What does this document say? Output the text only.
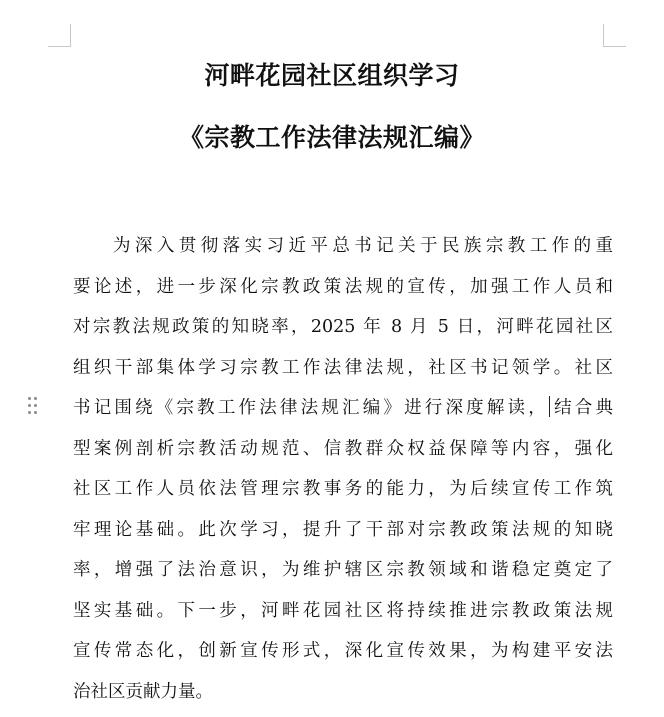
河畔花园社区组织学习
《宗教工作法律法规汇编》
为深入贯彻落实习近平总书记关于民族宗教工作的重
要论述，进一步深化宗教政策法规的宣传，加强工作人员和
对宗教法规政策的知晓率，2025 年 8 月 5 日，河畔花园社区
组织干部集体学习宗教工作法律法规，社区书记领学。社区
书记围绕《宗教工作法律法规汇编》进行深度解读， 结合典
型案例剖析宗教活动规范、信教群众权益保障等内容，强化
社区工作人员依法管理宗教事务的能力，为后续宣传工作筑
牢理论基础。此次学习，提升了干部对宗教政策法规的知晓
率，增强了法治意识，为维护辖区宗教领域和谐稳定奠定了
坚实基础。下一步，河畔花园社区将持续推进宗教政策法规
宣传常态化，创新宣传形式，深化宣传效果，为构建平安法
治社区贡献力量。
